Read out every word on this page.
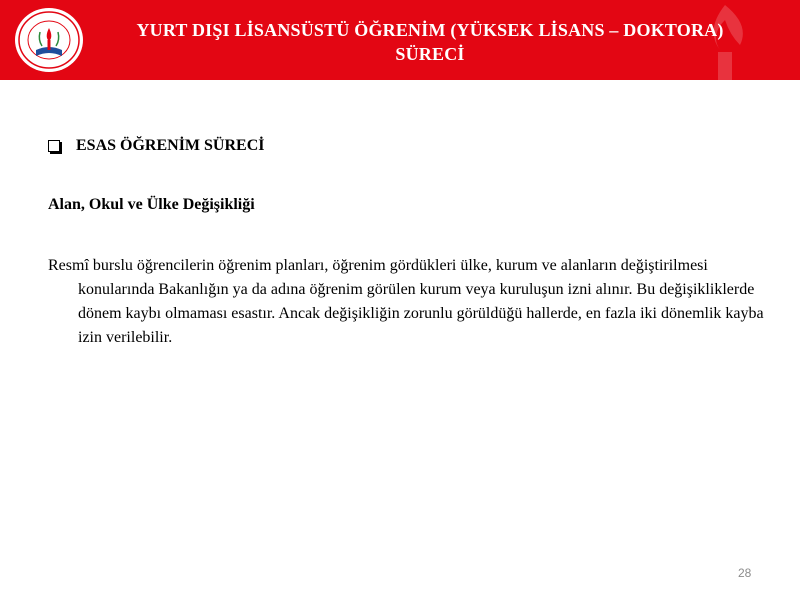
YURT DIŞI LİSANSÜSTÜ ÖĞRENİM (YÜKSEK LİSANS – DOKTORA)
SÜRECİ
ESAS ÖĞRENİM SÜRECİ
Alan, Okul ve Ülke Değişikliği

Resmî burslu öğrencilerin öğrenim planları, öğrenim gördükleri ülke, kurum ve alanların değiştirilmesi konularında Bakanlığın ya da adına öğrenim görülen kurum veya kuruluşun izni alınır. Bu değişikliklerde dönem kaybı olmaması esastır. Ancak değişikliğin zorunlu görüldüğü hallerde, en fazla iki dönemlik kayba izin verilebilir.

28
